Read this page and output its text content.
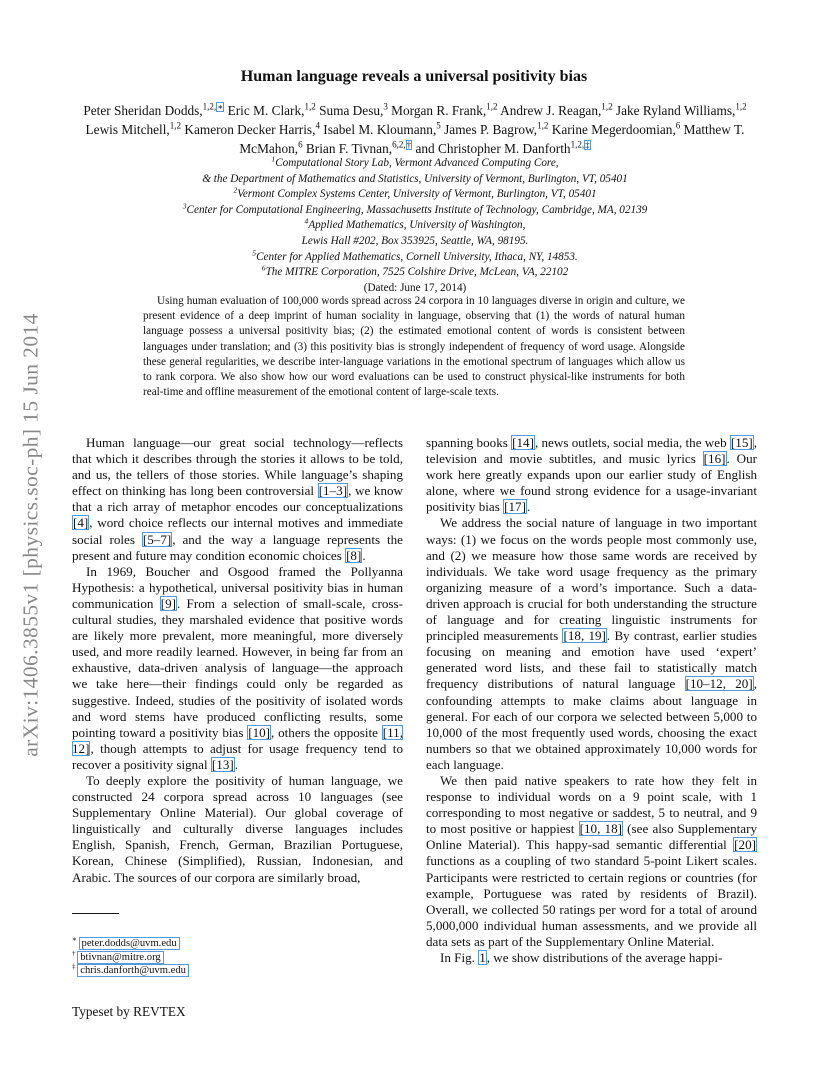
arXiv:1406.3855v1 [physics.soc-ph] 15 Jun 2014
Human language reveals a universal positivity bias
Peter Sheridan Dodds,$^{1,2,∗}$ Eric M. Clark,$^{1,2}$ Suma Desu,$^3$ Morgan R. Frank,$^{1,2}$ Andrew J. Reagan,$^{1,2}$ Jake Ryland Williams,$^{1,2}$ Lewis Mitchell,$^{1,2}$ Kameron Decker Harris,$^4$ Isabel M. Kloumann,$^5$ James P. Bagrow,$^{1,2}$ Karine Megerdoomian,$^6$ Matthew T. McMahon,$^6$ Brian F. Tivnan,$^{6,2,\dagger}$ and Christopher M. Danforth$^{1,2,\ddagger}$
$^1$Computational Story Lab, Vermont Advanced Computing Core,
& the Department of Mathematics and Statistics, University of Vermont, Burlington, VT, 05401
$^2$Vermont Complex Systems Center, University of Vermont, Burlington, VT, 05401
$^3$Center for Computational Engineering, Massachusetts Institute of Technology, Cambridge, MA, 02139
$^4$Applied Mathematics, University of Washington,
Lewis Hall #202, Box 353925, Seattle, WA, 98195.
$^5$Center for Applied Mathematics, Cornell University, Ithaca, NY, 14853.
$^6$The MITRE Corporation, 7525 Colshire Drive, McLean, VA, 22102
(Dated: June 17, 2014)

Using human evaluation of 100,000 words spread across 24 corpora in 10 languages diverse in origin and culture, we present evidence of a deep imprint of human sociality in language, observing that (1) the words of natural human language possess a universal positivity bias; (2) the estimated emotional content of words is consistent between languages under translation; and (3) this positivity bias is strongly independent of frequency of word usage. Alongside these general regularities, we describe inter-language variations in the emotional spectrum of languages which allow us to rank corpora. We also show how our word evaluations can be used to construct physical-like instruments for both real-time and offline measurement of the emotional content of large-scale texts.

Human language—our great social technology—reflects that which it describes through the stories it allows to be told, and us, the tellers of those stories. While language’s shaping effect on thinking has long been controversial [1–3], we know that a rich array of metaphor encodes our conceptualizations [4], word choice reflects our internal motives and immediate social roles [5–7], and the way a language represents the present and future may condition economic choices [8].

In 1969, Boucher and Osgood framed the Pollyanna Hypothesis: a hypothetical, universal positivity bias in human communication [9]. From a selection of small-scale, cross-cultural studies, they marshaled evidence that positive words are likely more prevalent, more meaningful, more diversely used, and more readily learned. However, in being far from an exhaustive, data-driven analysis of language—the approach we take here—their findings could only be regarded as suggestive. Indeed, studies of the positivity of isolated words and word stems have produced conflicting results, some pointing toward a positivity bias [10], others the opposite [11, 12], though attempts to adjust for usage frequency tend to recover a positivity signal [13].

To deeply explore the positivity of human language, we constructed 24 corpora spread across 10 languages (see Supplementary Online Material). Our global coverage of linguistically and culturally diverse languages includes English, Spanish, French, German, Brazilian Portuguese, Korean, Chinese (Simplified), Russian, Indonesian, and Arabic. The sources of our corpora are similarly broad,

spanning books [14], news outlets, social media, the web [15], television and movie subtitles, and music lyrics [16]. Our work here greatly expands upon our earlier study of English alone, where we found strong evidence for a usage-invariant positivity bias [17].

We address the social nature of language in two important ways: (1) we focus on the words people most commonly use, and (2) we measure how those same words are received by individuals. We take word usage frequency as the primary organizing measure of a word’s importance. Such a data-driven approach is crucial for both understanding the structure of language and for creating linguistic instruments for principled measurements [18, 19]. By contrast, earlier studies focusing on meaning and emotion have used ‘expert’ generated word lists, and these fail to statistically match frequency distributions of natural language [10–12, 20], confounding attempts to make claims about language in general. For each of our corpora we selected between 5,000 to 10,000 of the most frequently used words, choosing the exact numbers so that we obtained approximately 10,000 words for each language.

We then paid native speakers to rate how they felt in response to individual words on a 9 point scale, with 1 corresponding to most negative or saddest, 5 to neutral, and 9 to most positive or happiest [10, 18] (see also Supplementary Online Material). This happy-sad semantic differential [20] functions as a coupling of two standard 5-point Likert scales. Participants were restricted to certain regions or countries (for example, Portuguese was rated by residents of Brazil). Overall, we collected 50 ratings per word for a total of around 5,000,000 individual human assessments, and we provide all data sets as part of the Supplementary Online Material.

In Fig. 1, we show distributions of the average happi-

∗ peter.dodds@uvm.edu
† btivnan@mitre.org
‡ chris.danforth@uvm.edu
Typeset by REVTEX
